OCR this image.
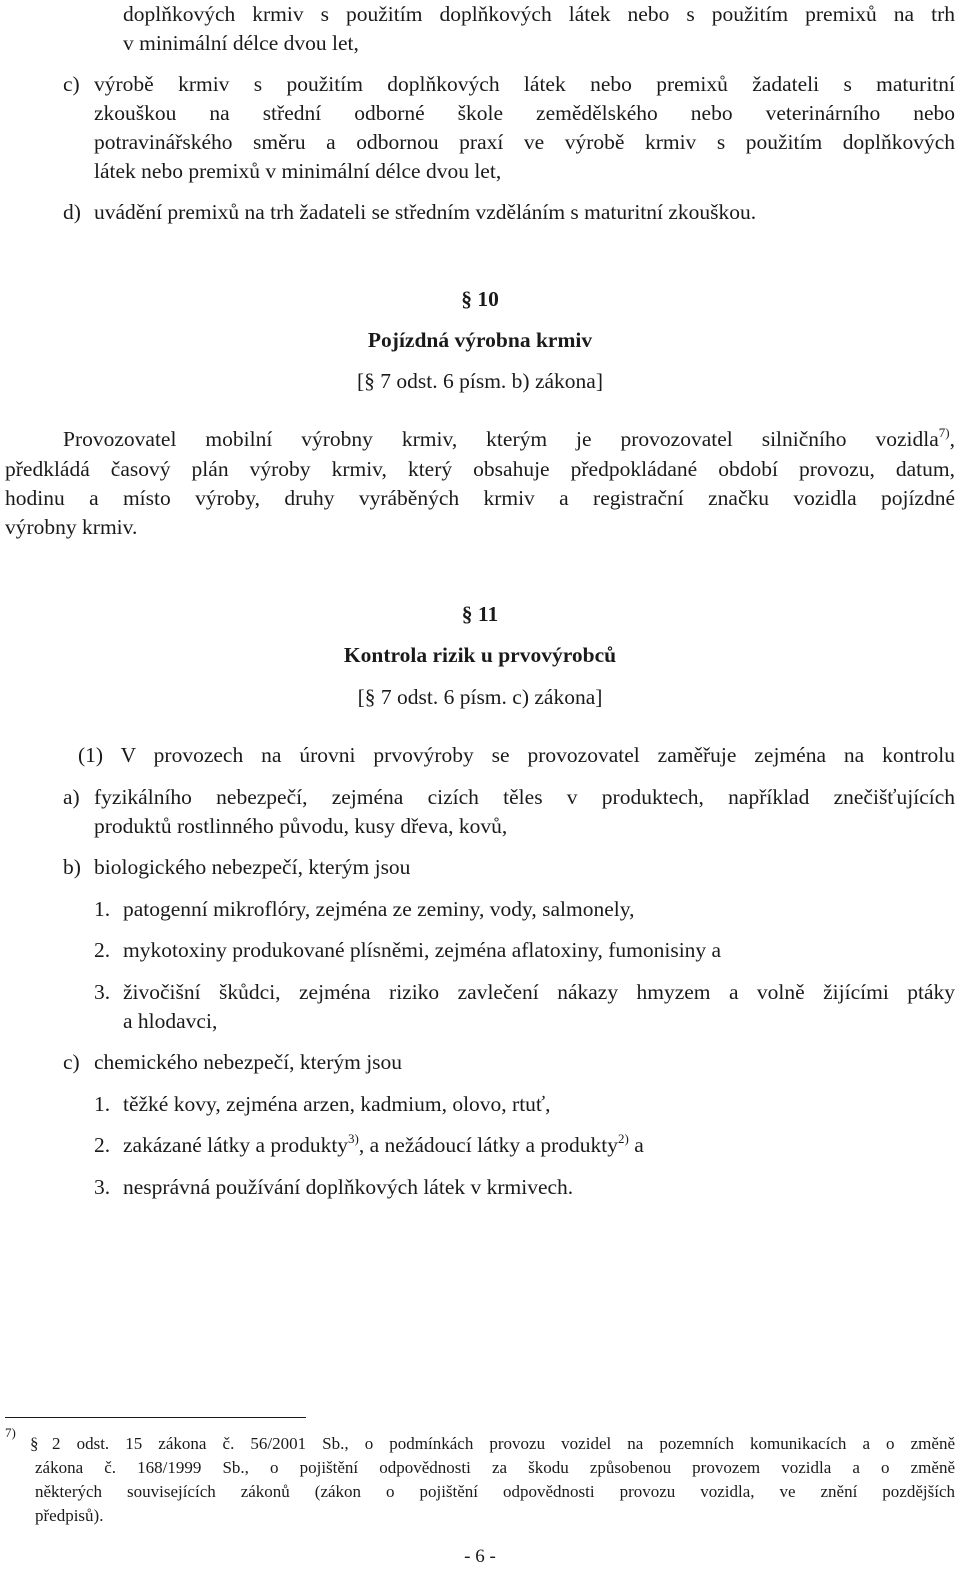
doplňkových krmiv s použitím doplňkových látek nebo s použitím premixů na trh
v minimální délce dvou let,
c) výrobě krmiv s použitím doplňkových látek nebo premixů žadateli s maturitní
zkouškou na střední odborné škole zemědělského nebo veterinárního nebo
potravinářského směru a odbornou praxí ve výrobě krmiv s použitím doplňkových
látek nebo premixů v minimální délce dvou let,
d) uvádění premixů na trh žadateli se středním vzděláním s maturitní zkouškou.
§ 10
Pojízdná výrobna krmiv
[§ 7 odst. 6 písm. b) zákona]
Provozovatel mobilní výrobny krmiv, kterým je provozovatel silničního vozidla$^{7)}$,
předkládá časový plán výroby krmiv, který obsahuje předpokládané období provozu, datum,
hodinu a místo výroby, druhy vyráběných krmiv a registrační značku vozidla pojízdné
výrobny krmiv.
§ 11
Kontrola rizik u prvovýrobců
[§ 7 odst. 6 písm. c) zákona]
(1) V provozech na úrovni prvovýroby se provozovatel zaměřuje zejména na kontrolu
a) fyzikálního nebezpečí, zejména cizích těles v produktech, například znečišťujících
produktů rostlinného původu, kusy dřeva, kovů,
b) biologického nebezpečí, kterým jsou
1. patogenní mikroflóry, zejména ze zeminy, vody, salmonely,
2. mykotoxiny produkované plísněmi, zejména aflatoxiny, fumonisiny a
3. živočišní škůdci, zejména riziko zavlečení nákazy hmyzem a volně žijícími ptáky
a hlodavci,
c) chemického nebezpečí, kterým jsou
1. těžké kovy, zejména arzen, kadmium, olovo, rtuť,
2. zakázané látky a produkty$^{3)}$, a nežádoucí látky a produkty$^{2)}$ a
3. nesprávná používání doplňkových látek v krmivech.
7)
§ 2 odst. 15 zákona č. 56/2001 Sb., o podmínkách provozu vozidel na pozemních komunikacích a o změně
zákona č. 168/1999 Sb., o pojištění odpovědnosti za škodu způsobenou provozem vozidla a o změně
některých souvisejících zákonů (zákon o pojištění odpovědnosti provozu vozidla, ve znění pozdějších
předpisů).
- 6 -
